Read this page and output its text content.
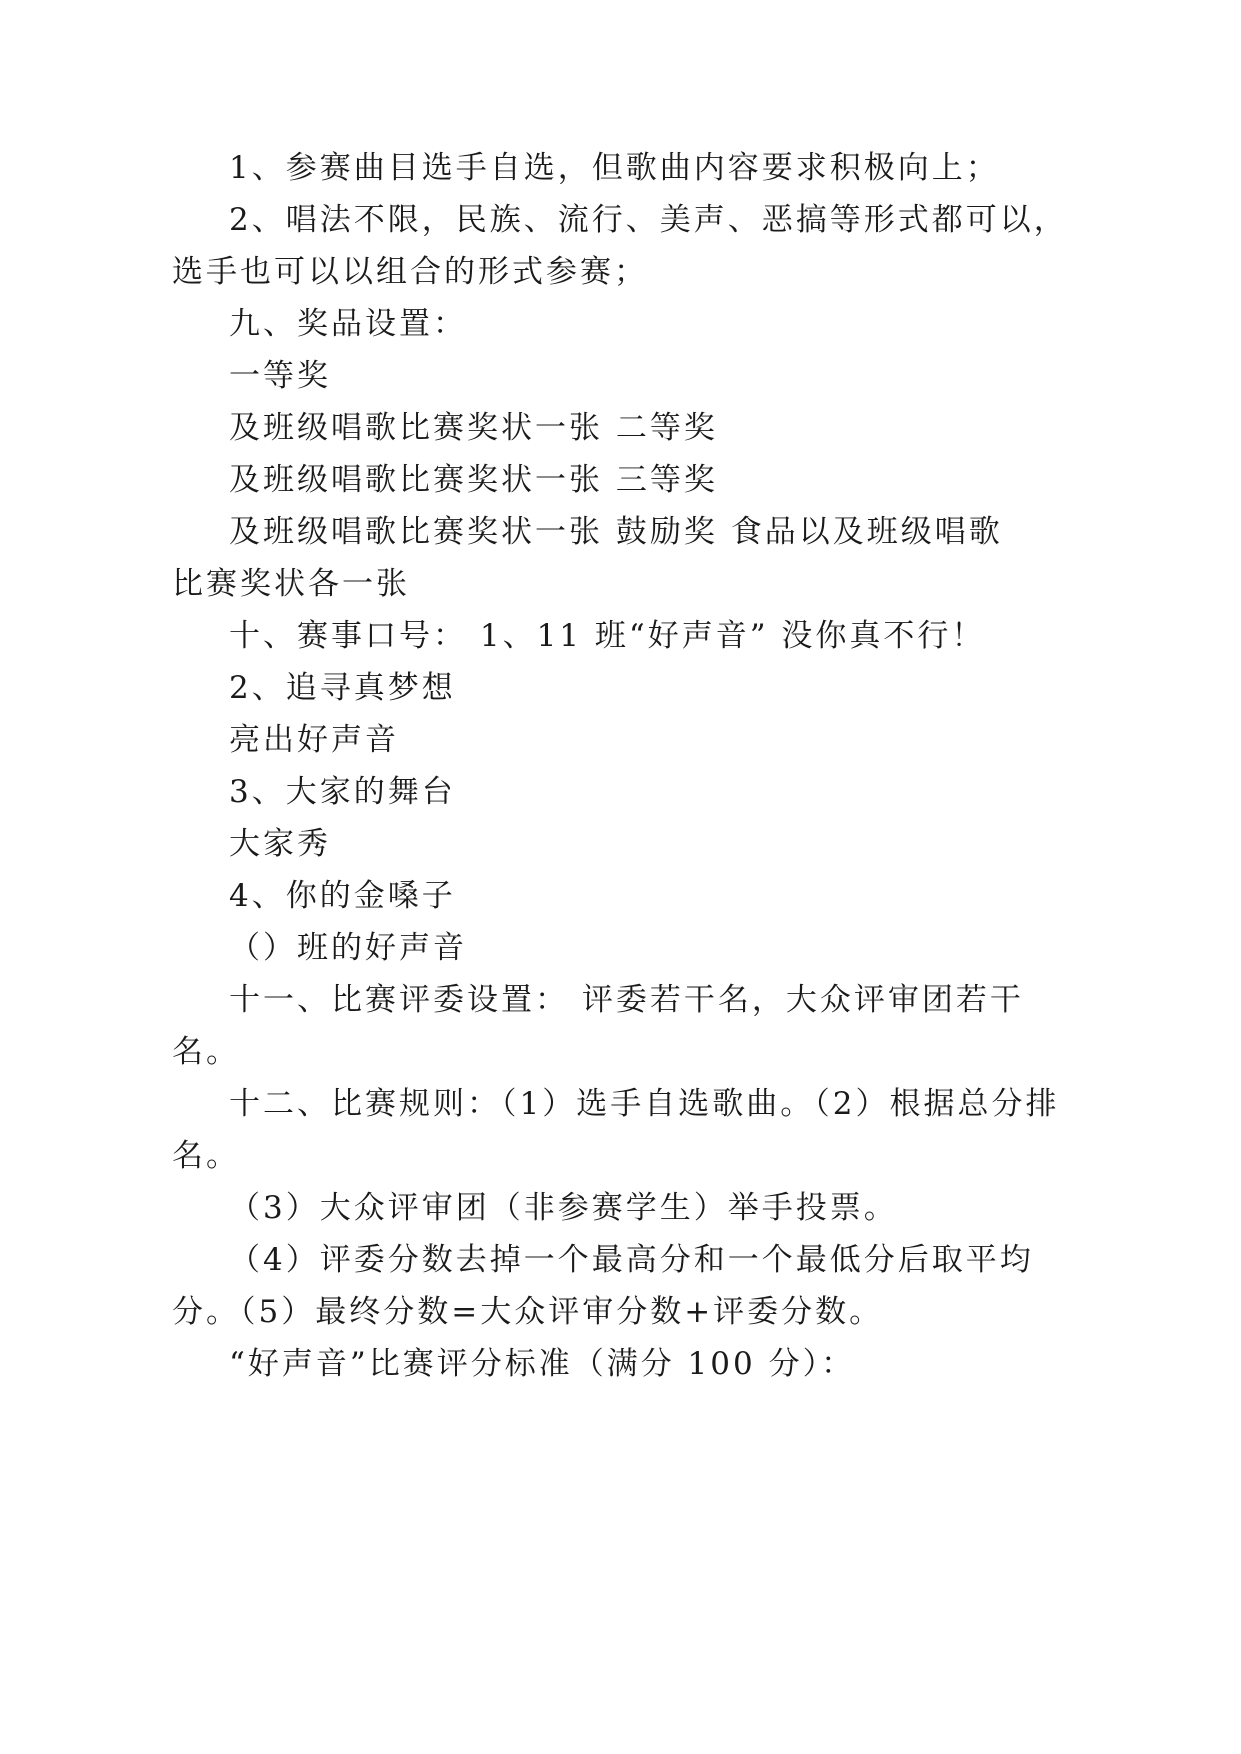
1、参赛曲目选手自选，但歌曲内容要求积极向上；
2、唱法不限，民族、流行、美声、恶搞等形式都可以，
选手也可以以组合的形式参赛；
九、奖品设置：
一等奖
及班级唱歌比赛奖状一张 二等奖
及班级唱歌比赛奖状一张 三等奖
及班级唱歌比赛奖状一张 鼓励奖 食品以及班级唱歌
比赛奖状各一张
十、赛事口号： 1、11 班“好声音” 没你真不行！
2、追寻真梦想
亮出好声音
3、大家的舞台
大家秀
4、你的金嗓子
（）班的好声音
十一、比赛评委设置： 评委若干名，大众评审团若干
名。
十二、比赛规则：（1）选手自选歌曲。（2）根据总分排
名。
（3）大众评审团（非参赛学生）举手投票。
（4）评委分数去掉一个最高分和一个最低分后取平均
分。（5）最终分数=大众评审分数+评委分数。
“好声音”比赛评分标准（满分 100 分）：
